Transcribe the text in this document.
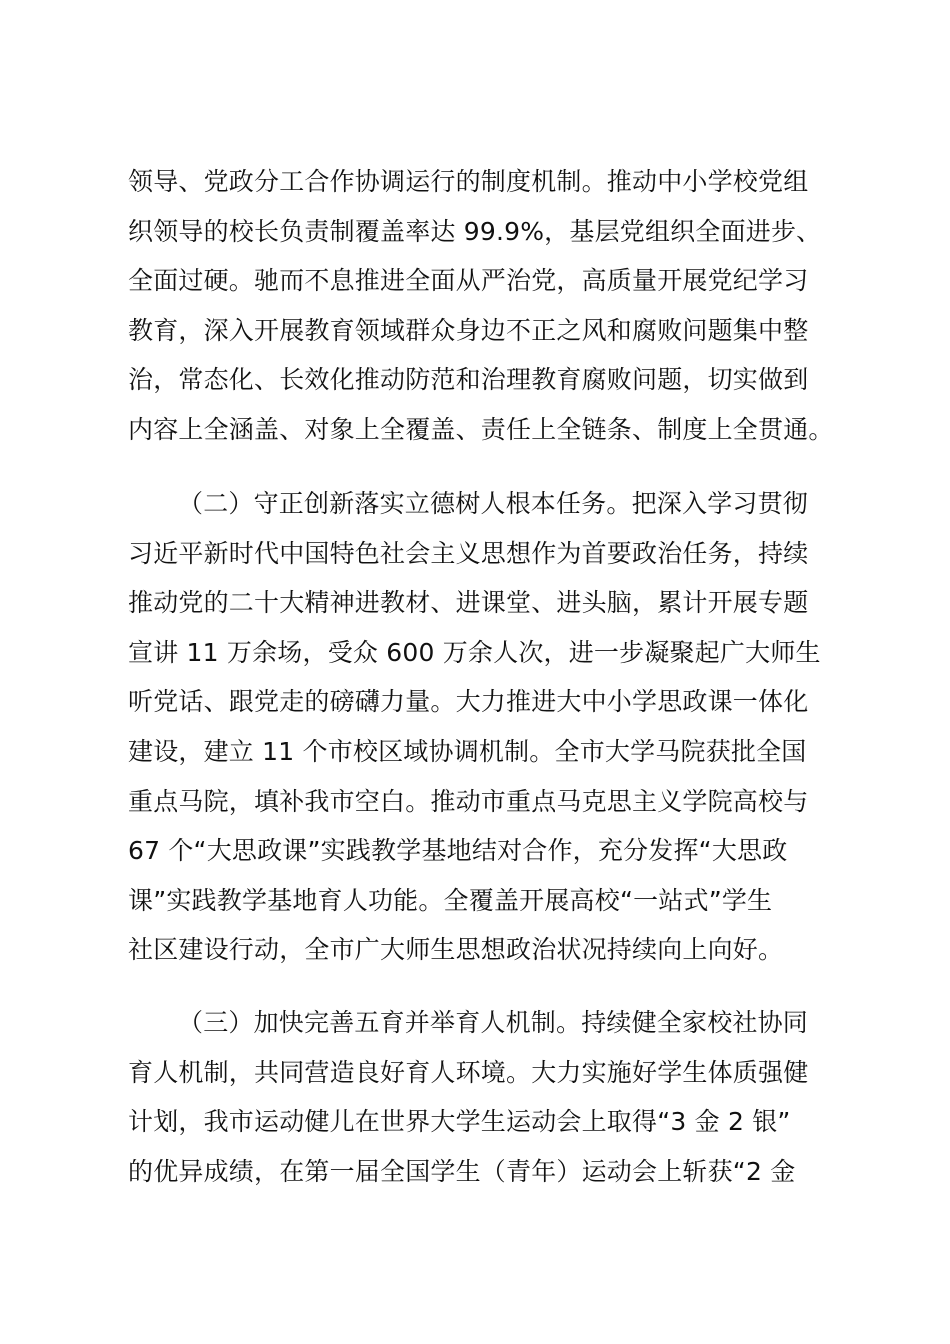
领导、党政分工合作协调运行的制度机制。推动中小学校党组
织领导的校长负责制覆盖率达 99.9%，基层党组织全面进步、
全面过硬。驰而不息推进全面从严治党，高质量开展党纪学习
教育，深入开展教育领域群众身边不正之风和腐败问题集中整
治，常态化、长效化推动防范和治理教育腐败问题，切实做到
内容上全涵盖、对象上全覆盖、责任上全链条、制度上全贯通。
（二）守正创新落实立德树人根本任务。把深入学习贯彻
习近平新时代中国特色社会主义思想作为首要政治任务，持续
推动党的二十大精神进教材、进课堂、进头脑，累计开展专题
宣讲 11 万余场，受众 600 万余人次，进一步凝聚起广大师生
听党话、跟党走的磅礴力量。大力推进大中小学思政课一体化
建设，建立 11 个市校区域协调机制。全市大学马院获批全国
重点马院，填补我市空白。推动市重点马克思主义学院高校与
67 个“大思政课”实践教学基地结对合作，充分发挥“大思政
课”实践教学基地育人功能。全覆盖开展高校“一站式”学生
社区建设行动，全市广大师生思想政治状况持续向上向好。
（三）加快完善五育并举育人机制。持续健全家校社协同
育人机制，共同营造良好育人环境。大力实施好学生体质强健
计划，我市运动健儿在世界大学生运动会上取得“3 金 2 银”
的优异成绩，在第一届全国学生（青年）运动会上斩获“2 金
